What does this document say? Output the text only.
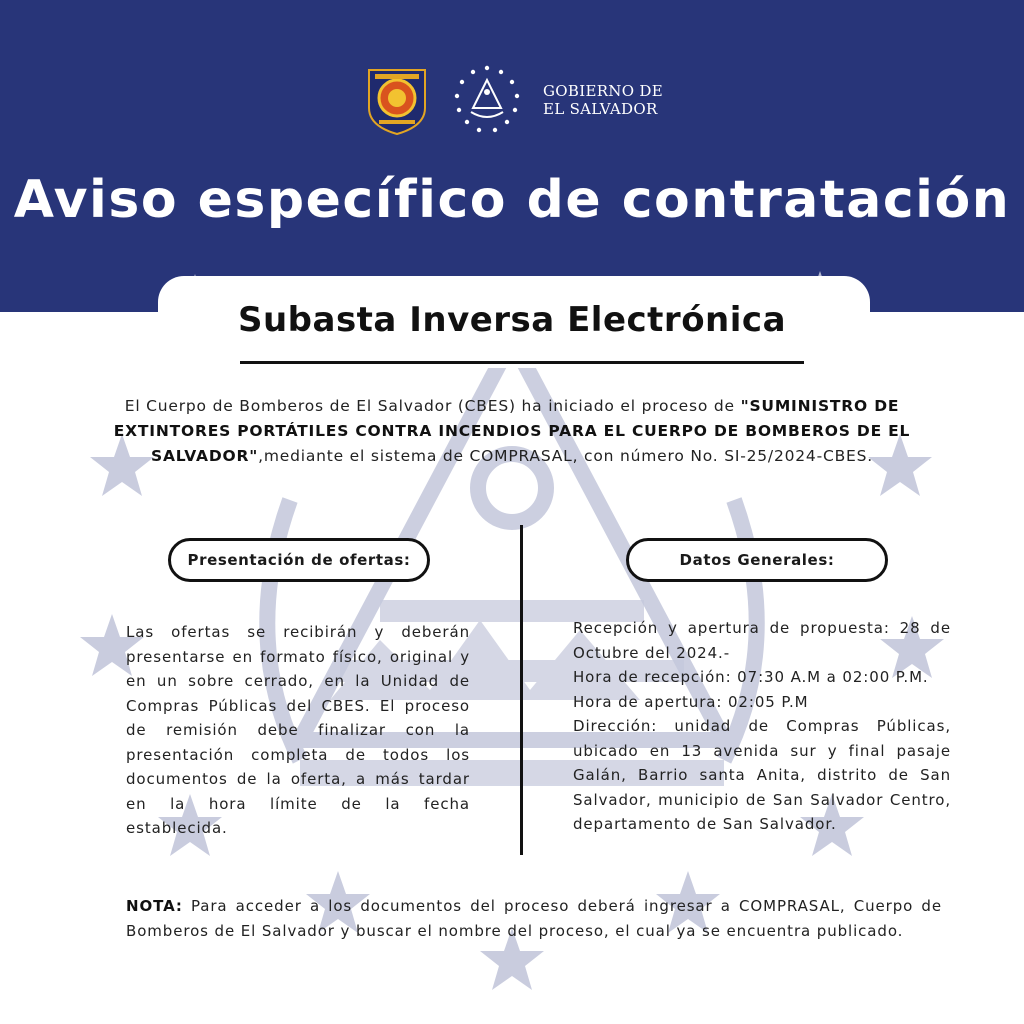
GOBIERNO DE
EL SALVADOR
Aviso específico de contratación
Subasta Inversa Electrónica
El Cuerpo de Bomberos de El Salvador (CBES) ha iniciado el proceso de "SUMINISTRO DE EXTINTORES PORTÁTILES CONTRA INCENDIOS PARA EL CUERPO DE BOMBEROS DE EL SALVADOR",mediante el sistema de COMPRASAL, con número No. SI-25/2024-CBES.
Presentación de ofertas:	Datos Generales:
Las ofertas se recibirán y deberán presentarse en formato físico, original y en un sobre cerrado, en la Unidad de Compras Públicas del CBES. El proceso de remisión debe finalizar con la presentación completa de todos los documentos de la oferta, a más tardar en la hora límite de la fecha establecida.

Recepción y apertura de propuesta: 28 de Octubre del 2024.-

Hora de recepción: 07:30 A.M a 02:00 P.M.

Hora de apertura: 02:05 P.M

Dirección: unidad de Compras Públicas, ubicado en 13 avenida sur y final pasaje Galán, Barrio santa Anita, distrito de San Salvador, municipio de San Salvador Centro, departamento de San Salvador.

NOTA: Para acceder a los documentos del proceso deberá ingresar a COMPRASAL, Cuerpo de Bomberos de El Salvador y buscar el nombre del proceso, el cual ya se encuentra publicado.
